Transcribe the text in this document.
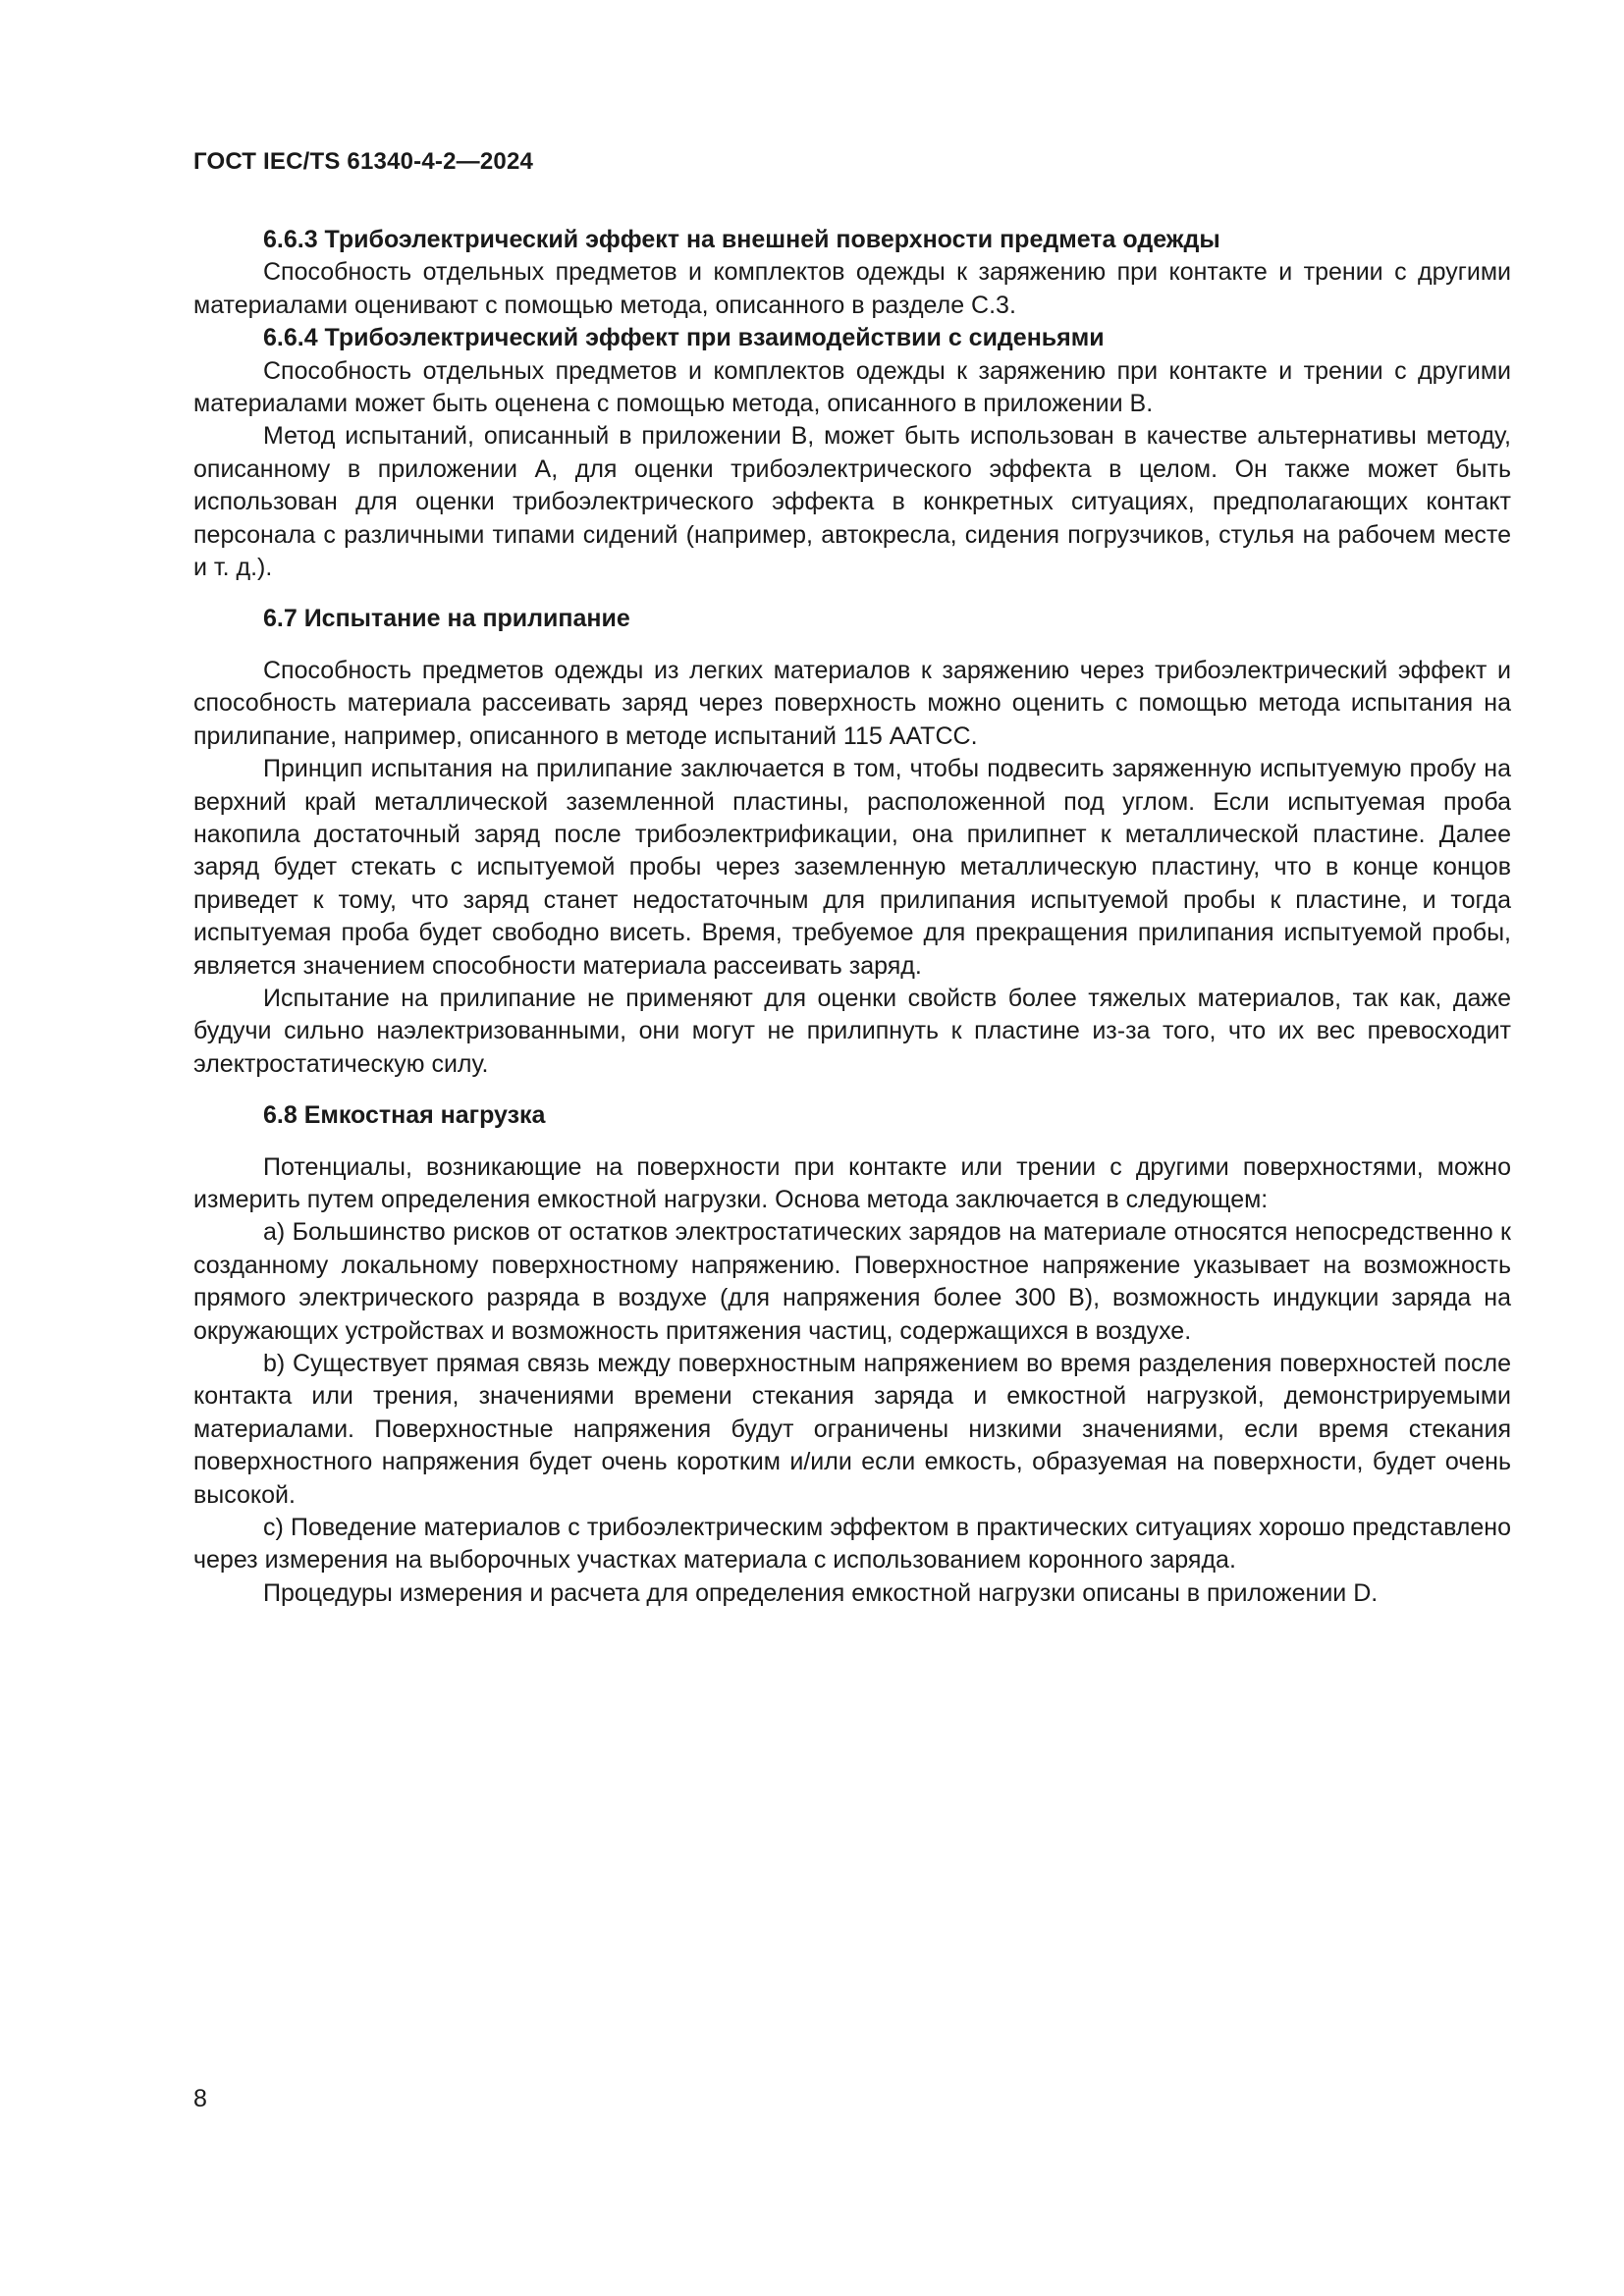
ГОСТ IEC/TS 61340-4-2—2024
6.6.3 Трибоэлектрический эффект на внешней поверхности предмета одежды

Способность отдельных предметов и комплектов одежды к заряжению при контакте и трении с другими материалами оценивают с помощью метода, описанного в разделе С.3.

6.6.4 Трибоэлектрический эффект при взаимодействии с сиденьями

Способность отдельных предметов и комплектов одежды к заряжению при контакте и трении с другими материалами может быть оценена с помощью метода, описанного в приложении В.

Метод испытаний, описанный в приложении В, может быть использован в качестве альтернативы методу, описанному в приложении А, для оценки трибоэлектрического эффекта в целом. Он также может быть использован для оценки трибоэлектрического эффекта в конкретных ситуациях, предполагающих контакт персонала с различными типами сидений (например, автокресла, сидения погрузчиков, стулья на рабочем месте и т. д.).

6.7 Испытание на прилипание

Способность предметов одежды из легких материалов к заряжению через трибоэлектрический эффект и способность материала рассеивать заряд через поверхность можно оценить с помощью метода испытания на прилипание, например, описанного в методе испытаний 115 AATCC.

Принцип испытания на прилипание заключается в том, чтобы подвесить заряженную испытуемую пробу на верхний край металлической заземленной пластины, расположенной под углом. Если испытуемая проба накопила достаточный заряд после трибоэлектрификации, она прилипнет к металлической пластине. Далее заряд будет стекать с испытуемой пробы через заземленную металлическую пластину, что в конце концов приведет к тому, что заряд станет недостаточным для прилипания испытуемой пробы к пластине, и тогда испытуемая проба будет свободно висеть. Время, требуемое для прекращения прилипания испытуемой пробы, является значением способности материала рассеивать заряд.

Испытание на прилипание не применяют для оценки свойств более тяжелых материалов, так как, даже будучи сильно наэлектризованными, они могут не прилипнуть к пластине из-за того, что их вес превосходит электростатическую силу.

6.8 Емкостная нагрузка

Потенциалы, возникающие на поверхности при контакте или трении с другими поверхностями, можно измерить путем определения емкостной нагрузки. Основа метода заключается в следующем:

a) Большинство рисков от остатков электростатических зарядов на материале относятся непосредственно к созданному локальному поверхностному напряжению. Поверхностное напряжение указывает на возможность прямого электрического разряда в воздухе (для напряжения более 300 В), возможность индукции заряда на окружающих устройствах и возможность притяжения частиц, содержащихся в воздухе.

b) Существует прямая связь между поверхностным напряжением во время разделения поверхностей после контакта или трения, значениями времени стекания заряда и емкостной нагрузкой, демонстрируемыми материалами. Поверхностные напряжения будут ограничены низкими значениями, если время стекания поверхностного напряжения будет очень коротким и/или если емкость, образуемая на поверхности, будет очень высокой.

c) Поведение материалов с трибоэлектрическим эффектом в практических ситуациях хорошо представлено через измерения на выборочных участках материала с использованием коронного заряда.

Процедуры измерения и расчета для определения емкостной нагрузки описаны в приложении D.

8
